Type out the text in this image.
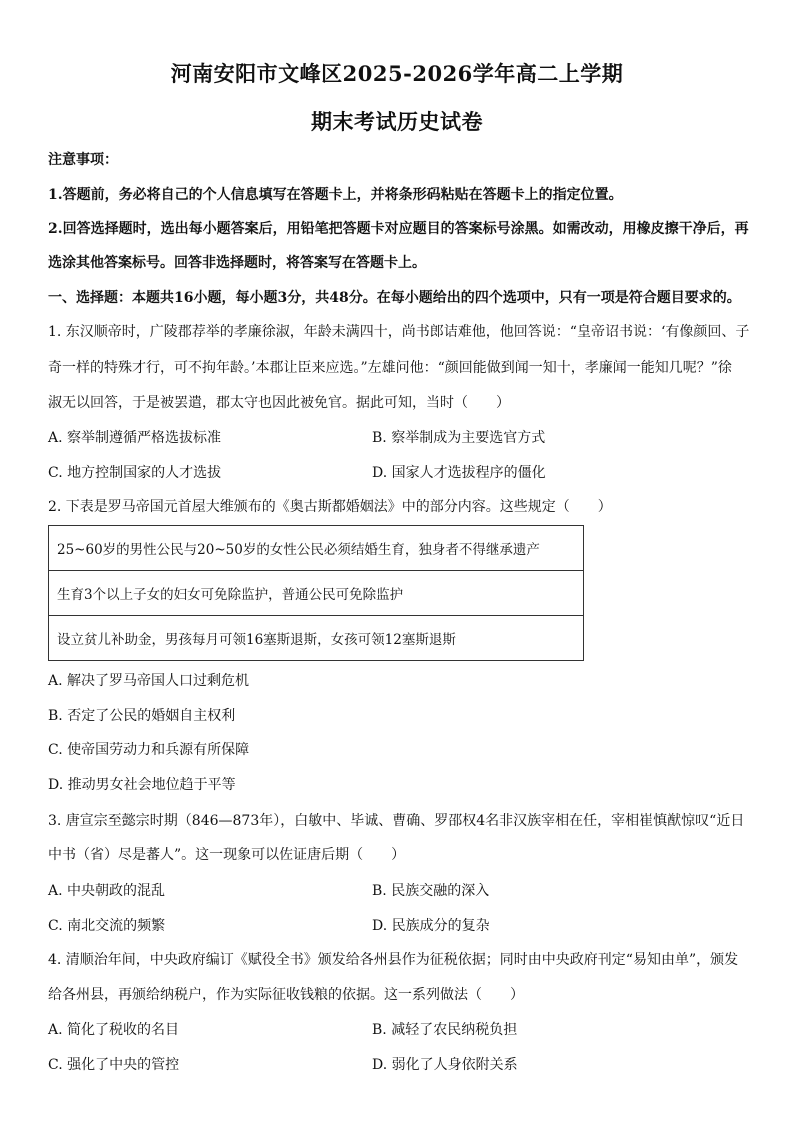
河南安阳市文峰区2025-2026学年高二上学期
期末考试历史试卷
注意事项：
1.答题前，务必将自己的个人信息填写在答题卡上，并将条形码粘贴在答题卡上的指定位置。
2.回答选择题时，选出每小题答案后，用铅笔把答题卡对应题目的答案标号涂黑。如需改动，用橡皮擦干净后，再
选涂其他答案标号。回答非选择题时，将答案写在答题卡上。
一、选择题：本题共16小题，每小题3分，共48分。在每小题给出的四个选项中，只有一项是符合题目要求的。
1. 东汉顺帝时，广陵郡荐举的孝廉徐淑，年龄未满四十，尚书郎诘难他，他回答说：“皇帝诏书说：‘有像颜回、子
奇一样的特殊才行，可不拘年龄。’本郡让臣来应选。”左雄问他：“颜回能做到闻一知十，孝廉闻一能知几呢？”徐
淑无以回答，于是被罢遣，郡太守也因此被免官。据此可知，当时（　　）
A. 察举制遵循严格选拔标准	B. 察举制成为主要选官方式
C. 地方控制国家的人才选拔	D. 国家人才选拔程序的僵化
2. 下表是罗马帝国元首屋大维颁布的《奥古斯都婚姻法》中的部分内容。这些规定（　　）
25~60岁的男性公民与20~50岁的女性公民必须结婚生育，独身者不得继承遗产
生育3个以上子女的妇女可免除监护，普通公民可免除监护
设立贫儿补助金，男孩每月可领16塞斯退斯，女孩可领12塞斯退斯
A. 解决了罗马帝国人口过剩危机
B. 否定了公民的婚姻自主权利
C. 使帝国劳动力和兵源有所保障
D. 推动男女社会地位趋于平等
3. 唐宣宗至懿宗时期（846—873年），白敏中、毕诚、曹确、罗邵权4名非汉族宰相在任，宰相崔慎猷惊叹“近日
中书（省）尽是蕃人”。这一现象可以佐证唐后期（　　）
A. 中央朝政的混乱	B. 民族交融的深入
C. 南北交流的频繁	D. 民族成分的复杂
4. 清顺治年间，中央政府编订《赋役全书》颁发给各州县作为征税依据；同时由中央政府刊定“易知由单”，颁发
给各州县，再颁给纳税户，作为实际征收钱粮的依据。这一系列做法（　　）
A. 简化了税收的名目	B. 减轻了农民纳税负担
C. 强化了中央的管控	D. 弱化了人身依附关系
